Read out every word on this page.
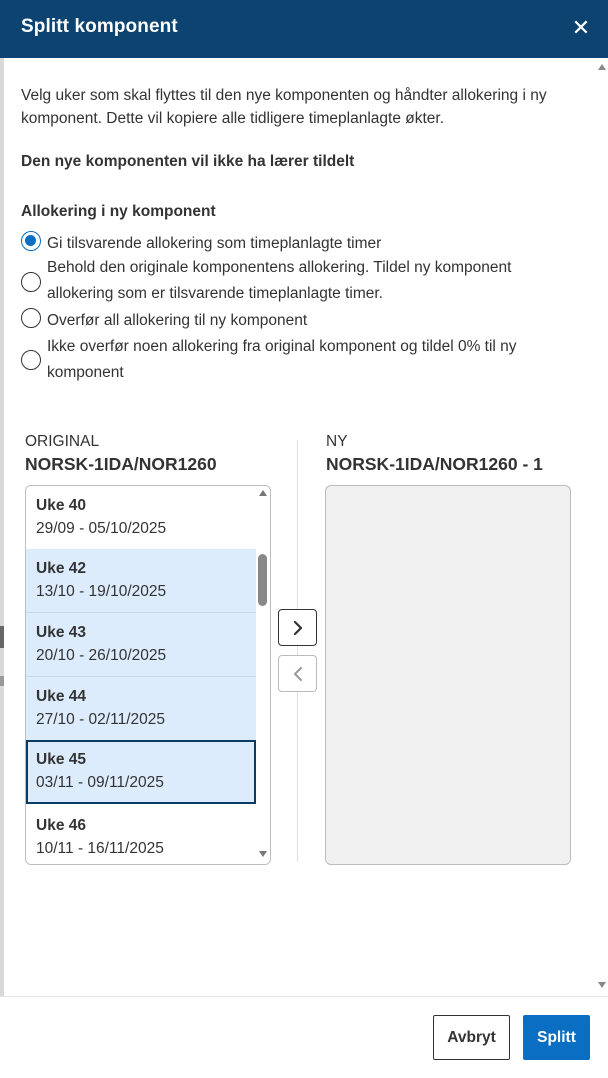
Splitt komponent	✕
Velg uker som skal flyttes til den nye komponenten og håndter allokering i ny komponent. Dette vil kopiere alle tidligere timeplanlagte økter.
Den nye komponenten vil ikke ha lærer tildelt
Allokering i ny komponent
Gi tilsvarende allokering som timeplanlagte timer
Behold den originale komponentens allokering. Tildel ny komponent allokering som er tilsvarende timeplanlagte timer.
Overfør all allokering til ny komponent
Ikke overfør noen allokering fra original komponent og tildel 0% til ny komponent
ORIGINAL
NORSK-1IDA/NOR1260
NY
NORSK-1IDA/NOR1260 - 1
Uke 40
29/09 - 05/10/2025
Uke 42
13/10 - 19/10/2025
Uke 43
20/10 - 26/10/2025
Uke 44
27/10 - 02/11/2025
Uke 45
03/11 - 09/11/2025
Uke 46
10/11 - 16/11/2025
Avbryt	Splitt
